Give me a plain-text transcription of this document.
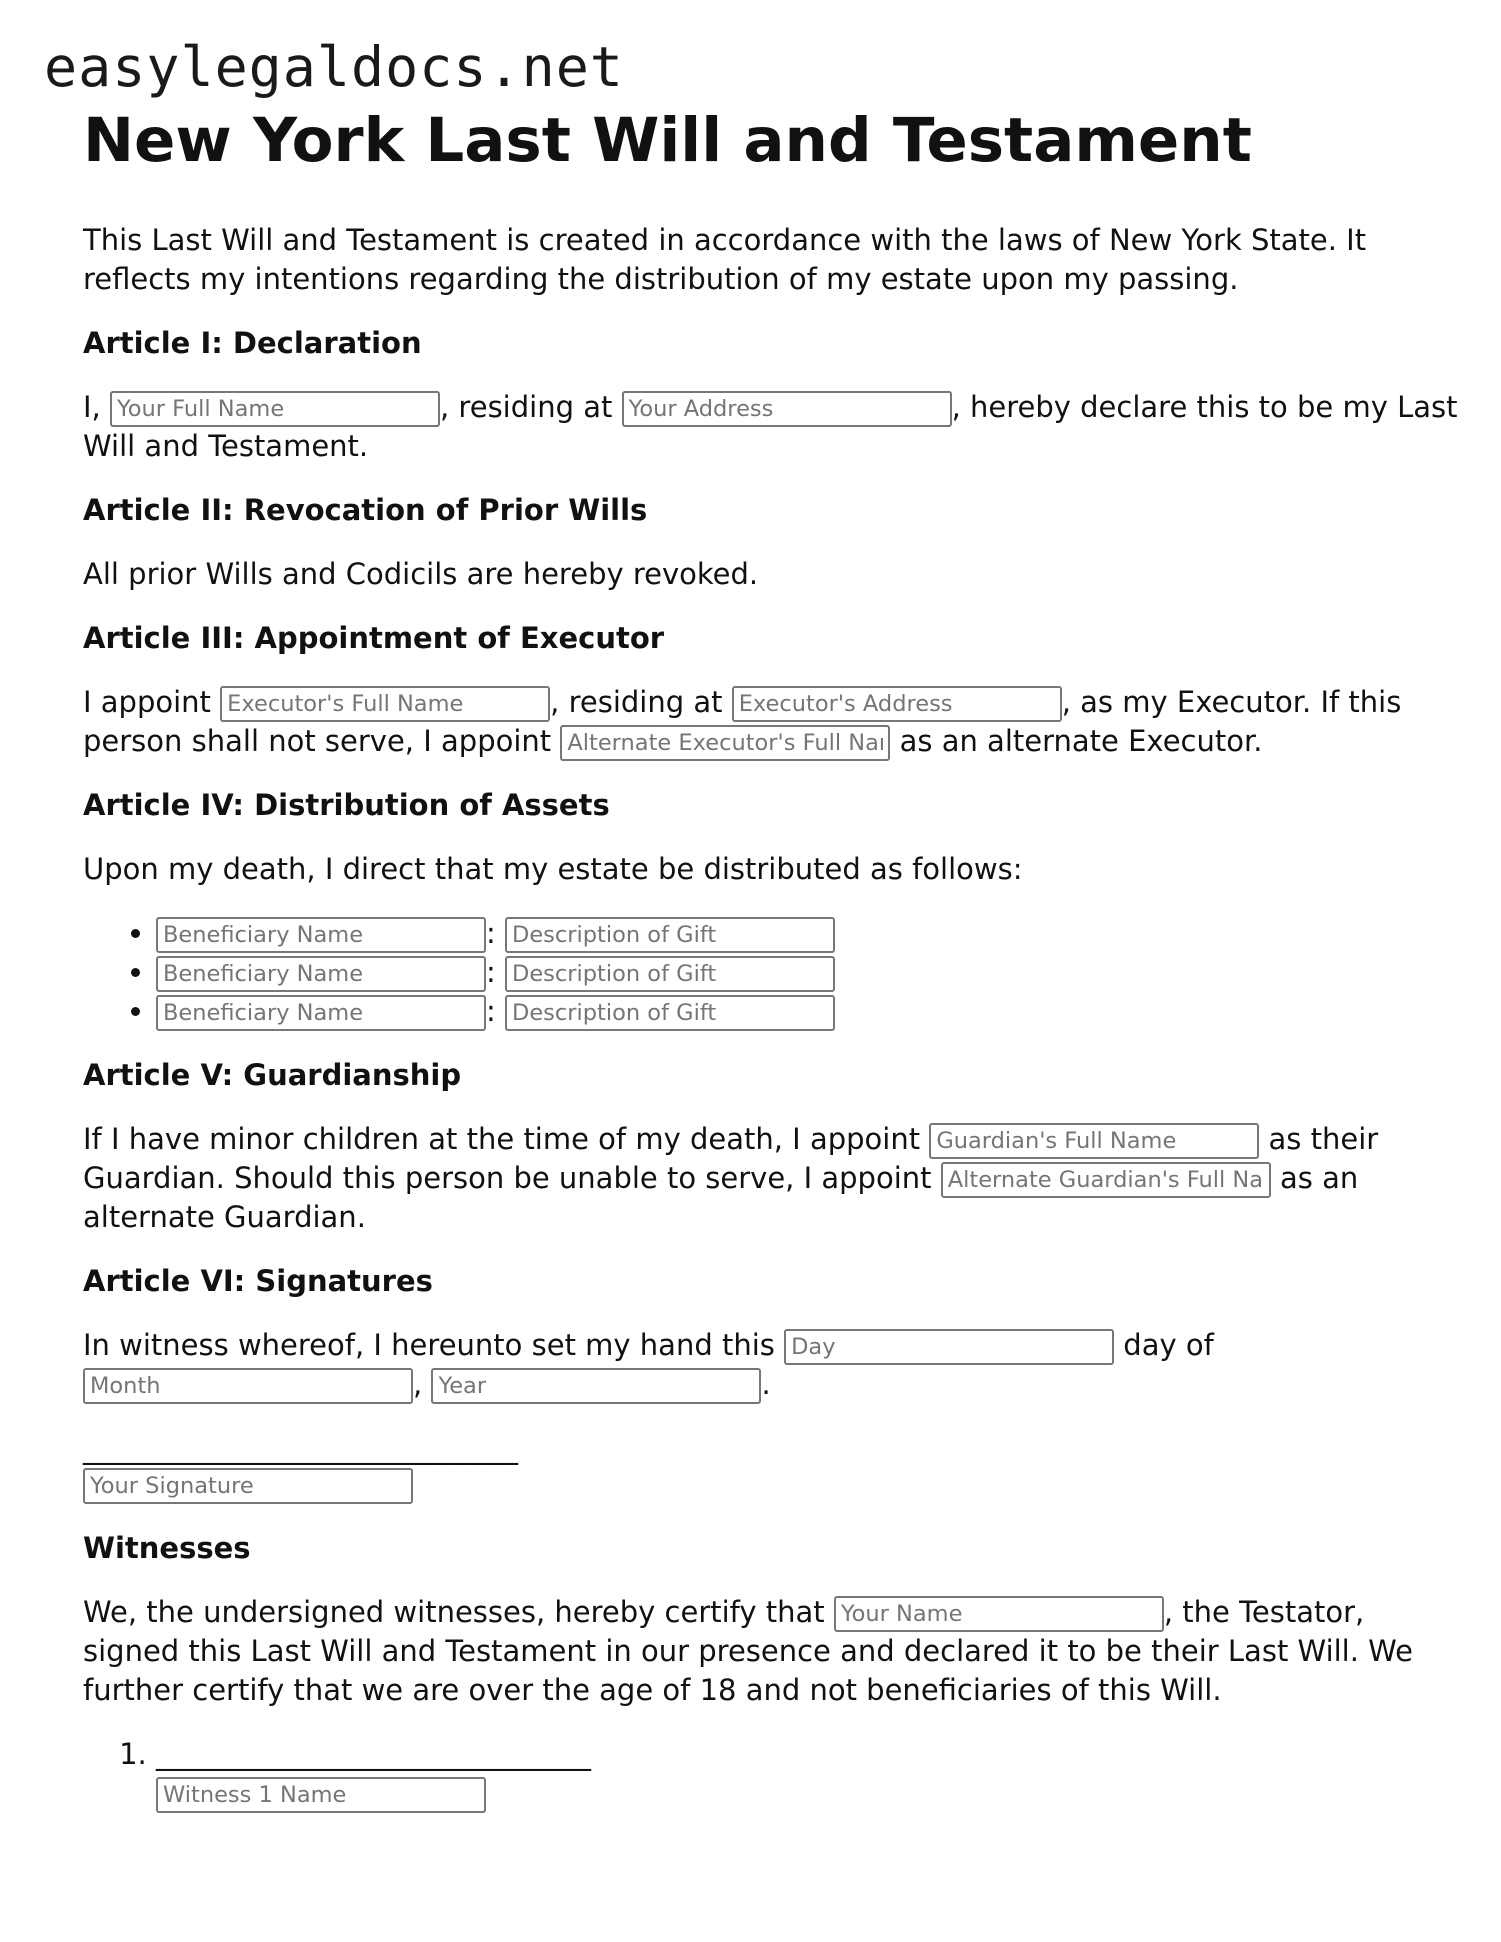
easylegaldocs.net
New York Last Will and Testament

This Last Will and Testament is created in accordance with the laws of New York State. It reflects my intentions regarding the distribution of my estate upon my passing.

Article I: Declaration

I, Your Full Name	, residing at Your Address	, hereby declare this to be my Last Will and Testament.

Article II: Revocation of Prior Wills

All prior Wills and Codicils are hereby revoked.

Article III: Appointment of Executor

I appoint Executor's Full Name	, residing at Executor's Address	, as my Executor. If this person shall not serve, I appoint Alternate Executor's Full Name	as an alternate Executor.

Article IV: Distribution of Assets

Upon my death, I direct that my estate be distributed as follows:

Beneficiary Name • : Description of Gift
Beneficiary Name • : Description of Gift
Beneficiary Name • : Description of Gift
Article V: Guardianship

If I have minor children at the time of my death, I appoint Guardian's Full Name	as their Guardian. Should this person be unable to serve, I appoint Alternate Guardian's Full Name	as an alternate Guardian.

Article VI: Signatures

In witness whereof, I hereunto set my hand this Day	day of Month, Year	.

______________________________
Your Signature
Witnesses

We, the undersigned witnesses, hereby certify that Your Name	, the Testator, signed this Last Will and Testament in our presence and declared it to be their Last Will. We further certify that we are over the age of 18 and not beneficiaries of this Will.

1. ______________________________
Witness 1 Name
